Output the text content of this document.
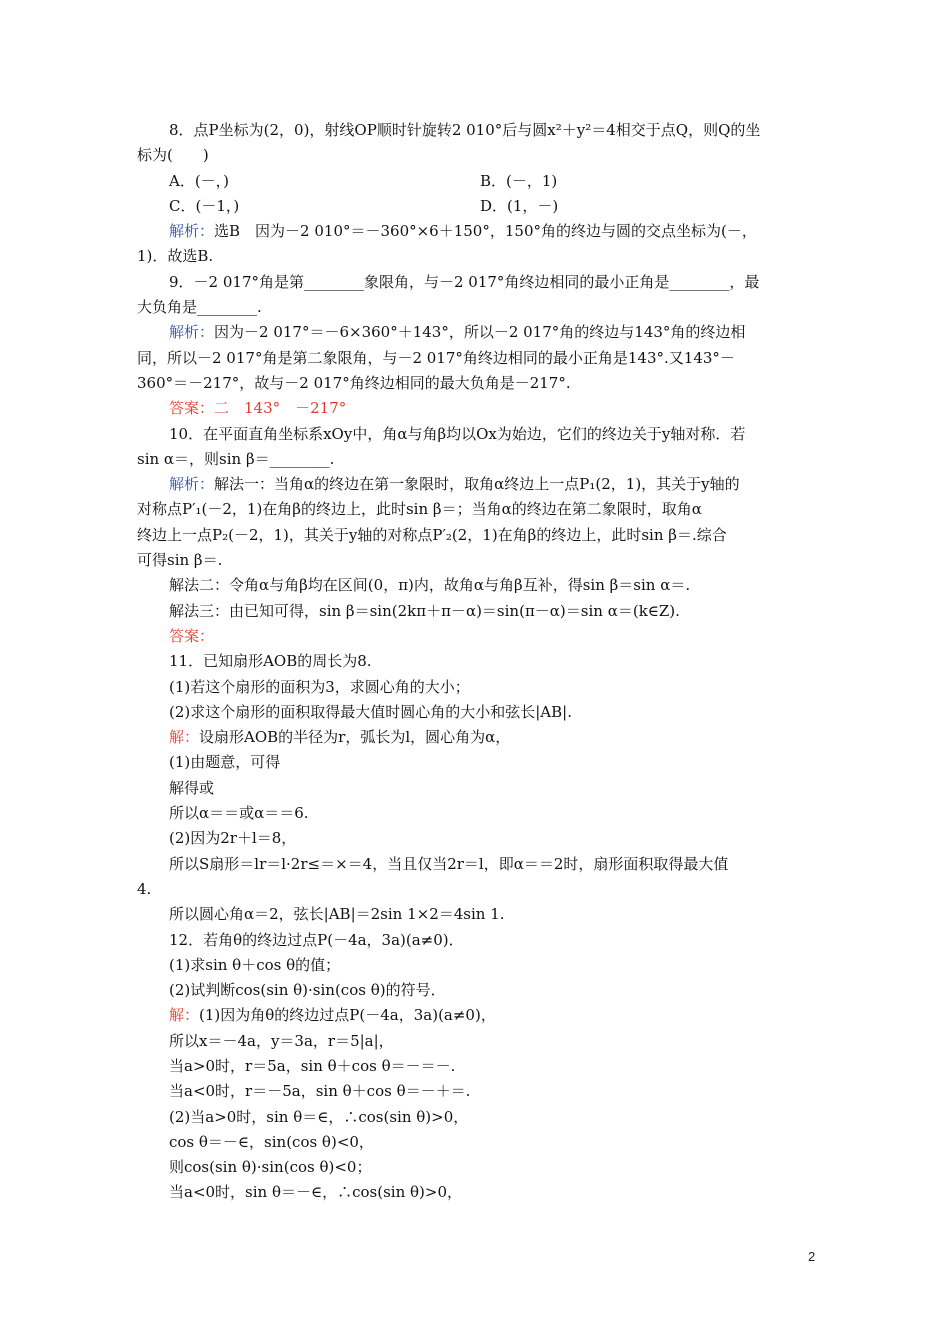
8．点P坐标为(2，0)，射线OP顺时针旋转2 010°后与圆x²＋y²＝4相交于点Q，则Q的坐
标为(　　)
A．(－，)	B．(－，1)
C．(－1，)	D．(1，－)
解析：选B　因为－2 010°＝－360°×6＋150°，150°角的终边与圆的交点坐标为(－，
1)．故选B.
9．－2 017°角是第________象限角，与－2 017°角终边相同的最小正角是________，最
大负角是________.
解析：因为－2 017°＝－6×360°＋143°，所以－2 017°角的终边与143°角的终边相
同，所以－2 017°角是第二象限角，与－2 017°角终边相同的最小正角是143°.又143°－
360°＝－217°，故与－2 017°角终边相同的最大负角是－217°.
答案：二　143°　－217°
10．在平面直角坐标系xOy中，角α与角β均以Ox为始边，它们的终边关于y轴对称．若
sin α＝，则sin β＝________.
解析：解法一：当角α的终边在第一象限时，取角α终边上一点P₁(2，1)，其关于y轴的
对称点P′₁(－2，1)在角β的终边上，此时sin β＝；当角α的终边在第二象限时，取角α
终边上一点P₂(－2，1)，其关于y轴的对称点P′₂(2，1)在角β的终边上，此时sin β＝.综合
可得sin β＝.
解法二：令角α与角β均在区间(0，π)内，故角α与角β互补，得sin β＝sin α＝.
解法三：由已知可得，sin β＝sin(2kπ＋π－α)＝sin(π－α)＝sin α＝(k∈Z).
答案：
11．已知扇形AOB的周长为8.
(1)若这个扇形的面积为3，求圆心角的大小；
(2)求这个扇形的面积取得最大值时圆心角的大小和弦长|AB|.
解：设扇形AOB的半径为r，弧长为l，圆心角为α，
(1)由题意，可得
解得或
所以α＝＝或α＝＝6.
(2)因为2r＋l＝8，
所以S扇形＝lr＝l·2r≤＝×＝4，当且仅当2r＝l，即α＝＝2时，扇形面积取得最大值
4.
所以圆心角α＝2，弦长|AB|＝2sin 1×2＝4sin 1.
12．若角θ的终边过点P(－4a，3a)(a≠0)．
(1)求sin θ＋cos θ的值；
(2)试判断cos(sin θ)·sin(cos θ)的符号．
解：(1)因为角θ的终边过点P(－4a，3a)(a≠0)，
所以x＝－4a，y＝3a，r＝5|a|，
当a>0时，r＝5a，sin θ＋cos θ＝－＝－.
当a<0时，r＝－5a，sin θ＋cos θ＝－＋＝.
(2)当a>0时，sin θ＝∈，∴cos(sin θ)>0，
cos θ＝－∈，sin(cos θ)<0，
则cos(sin θ)·sin(cos θ)<0；
当a<0时，sin θ＝－∈，∴cos(sin θ)>0，
2
